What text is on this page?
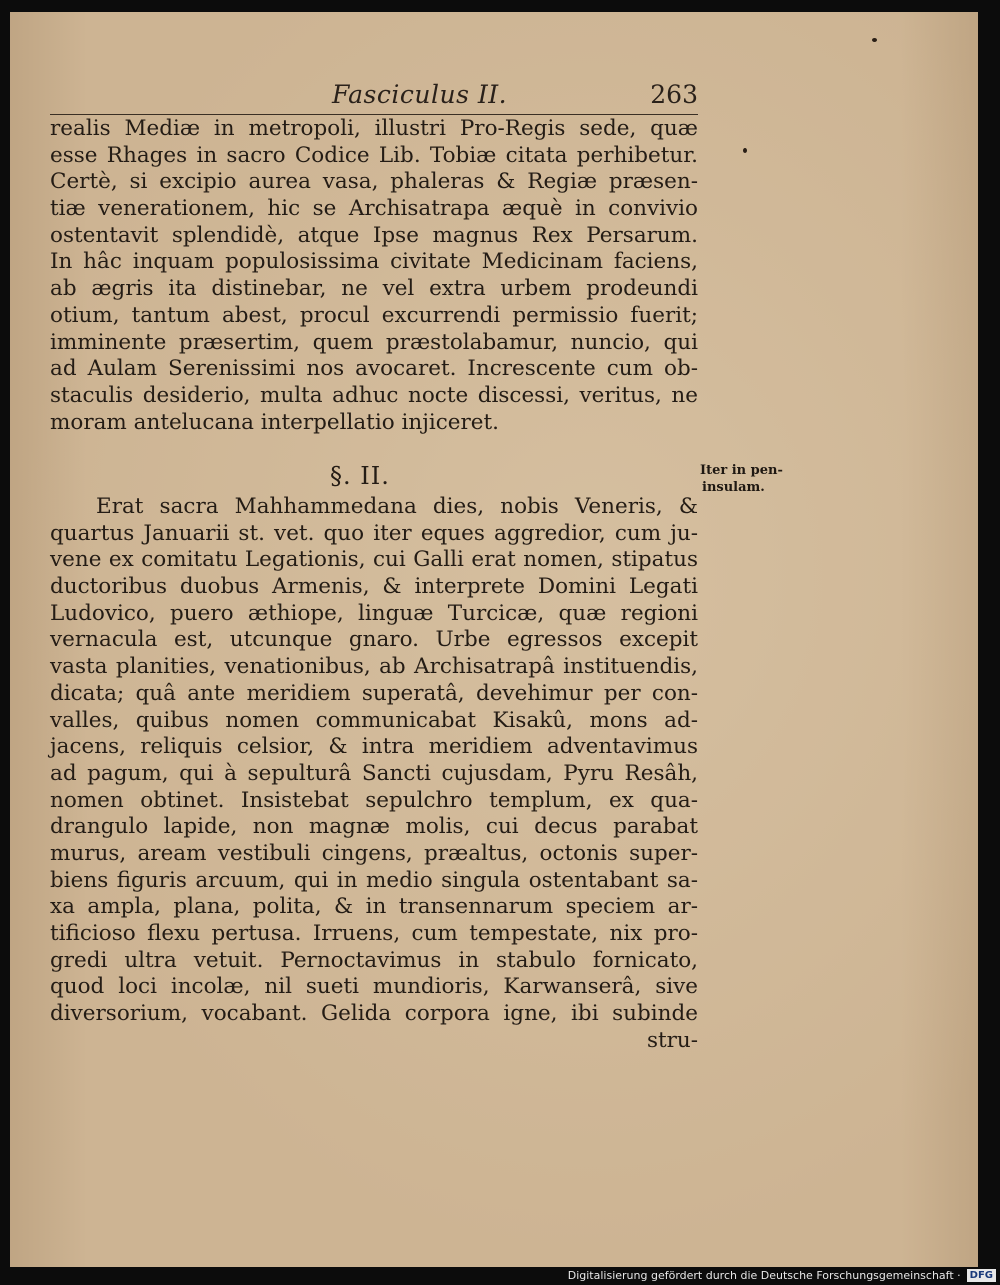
Fasciculus II.	263
realis Mediæ in metropoli, illustri Pro-Regis sede, quæ
esse Rhages in sacro Codice Lib. Tobiæ citata perhibetur.
Certè, si excipio aurea vasa, phaleras & Regiæ præsen-
tiæ venerationem, hic se Archisatrapa æquè in convivio
ostentavit splendidè, atque Ipse magnus Rex Persarum.
In hâc inquam populosissima civitate Medicinam faciens,
ab ægris ita distinebar, ne vel extra urbem prodeundi
otium, tantum abest, procul excurrendi permissio fuerit;
imminente præsertim, quem præstolabamur, nuncio, qui
ad Aulam Serenissimi nos avocaret. Increscente cum ob-
staculis desiderio, multa adhuc nocte discessi, veritus, ne
moram antelucana interpellatio injiceret.
§. II.	Iter in pen-
insulam.
Erat sacra Mahhammedana dies, nobis Veneris, &
quartus Januarii st. vet. quo iter eques aggredior, cum ju-
vene ex comitatu Legationis, cui Galli erat nomen, stipatus
ductoribus duobus Armenis, & interprete Domini Legati
Ludovico, puero æthiope, linguæ Turcicæ, quæ regioni
vernacula est, utcunque gnaro. Urbe egressos excepit
vasta planities, venationibus, ab Archisatrapâ instituendis,
dicata; quâ ante meridiem superatâ, devehimur per con-
valles, quibus nomen communicabat Kisakû, mons ad-
jacens, reliquis celsior, & intra meridiem adventavimus
ad pagum, qui à sepulturâ Sancti cujusdam, Pyru Resâh,
nomen obtinet. Insistebat sepulchro templum, ex qua-
drangulo lapide, non magnæ molis, cui decus parabat
murus, aream vestibuli cingens, præaltus, octonis super-
biens figuris arcuum, qui in medio singula ostentabant sa-
xa ampla, plana, polita, & in transennarum speciem ar-
tificioso flexu pertusa. Irruens, cum tempestate, nix pro-
gredi ultra vetuit. Pernoctavimus in stabulo fornicato,
quod loci incolæ, nil sueti mundioris, Karwanserâ, sive
diversorium, vocabant. Gelida corpora igne, ibi subinde
stru-
Digitalisierung gefördert durch die Deutsche Forschungsgemeinschaft · DFG
